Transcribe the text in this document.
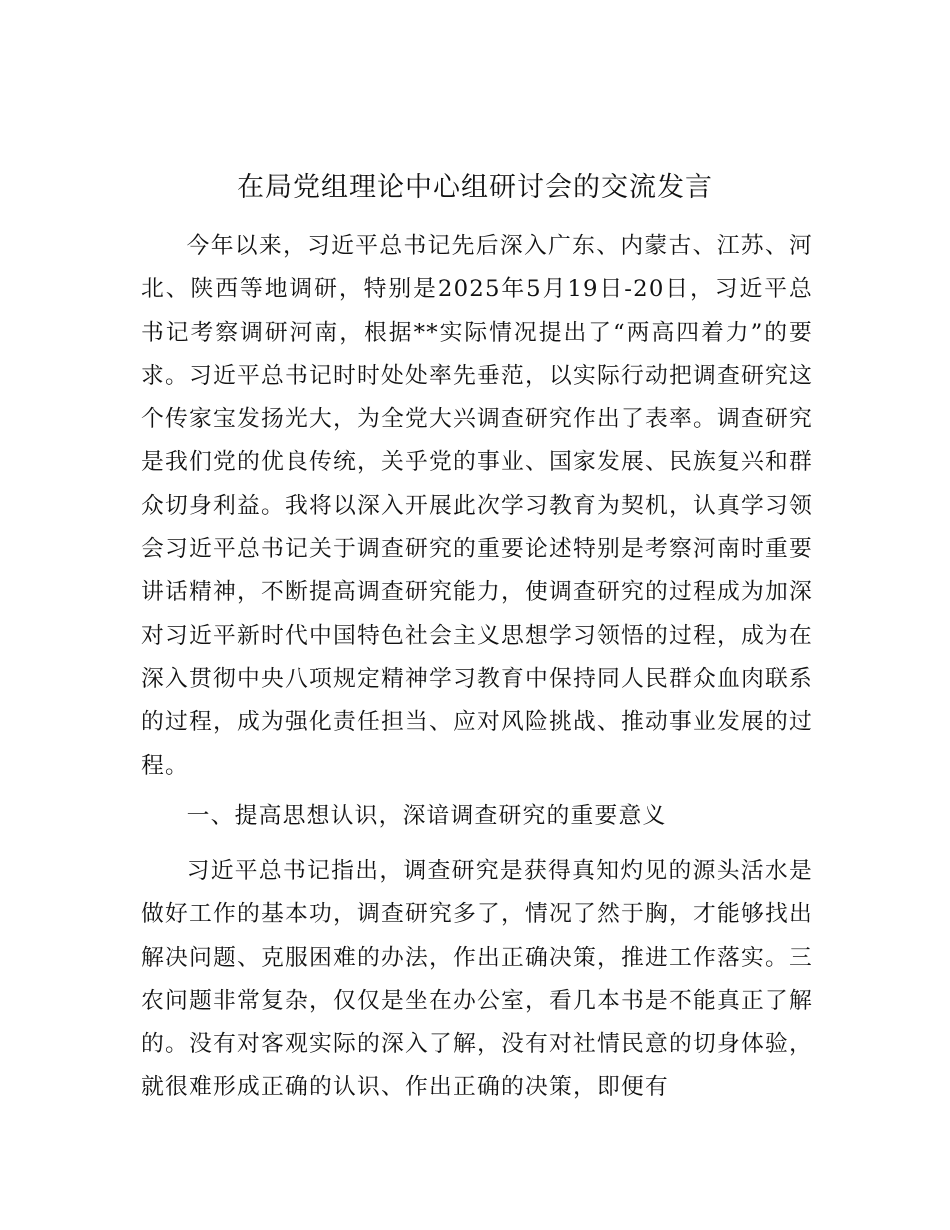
在局党组理论中心组研讨会的交流发言

今年以来，习近平总书记先后深入广东、内蒙古、江苏、河北、陕西等地调研，特别是2025年5月19日-20日，习近平总书记考察调研河南，根据**实际情况提出了“两高四着力”的要求。习近平总书记时时处处率先垂范，以实际行动把调查研究这个传家宝发扬光大，为全党大兴调查研究作出了表率。调查研究是我们党的优良传统，关乎党的事业、国家发展、民族复兴和群众切身利益。我将以深入开展此次学习教育为契机，认真学习领会习近平总书记关于调查研究的重要论述特别是考察河南时重要讲话精神，不断提高调查研究能力，使调查研究的过程成为加深对习近平新时代中国特色社会主义思想学习领悟的过程，成为在深入贯彻中央八项规定精神学习教育中保持同人民群众血肉联系的过程，成为强化责任担当、应对风险挑战、推动事业发展的过程。

一、提高思想认识，深谙调查研究的重要意义

习近平总书记指出，调查研究是获得真知灼见的源头活水是做好工作的基本功，调查研究多了，情况了然于胸，才能够找出解决问题、克服困难的办法，作出正确决策，推进工作落实。三农问题非常复杂，仅仅是坐在办公室，看几本书是不能真正了解的。没有对客观实际的深入了解，没有对社情民意的切身体验，就很难形成正确的认识、作出正确的决策，即便有
